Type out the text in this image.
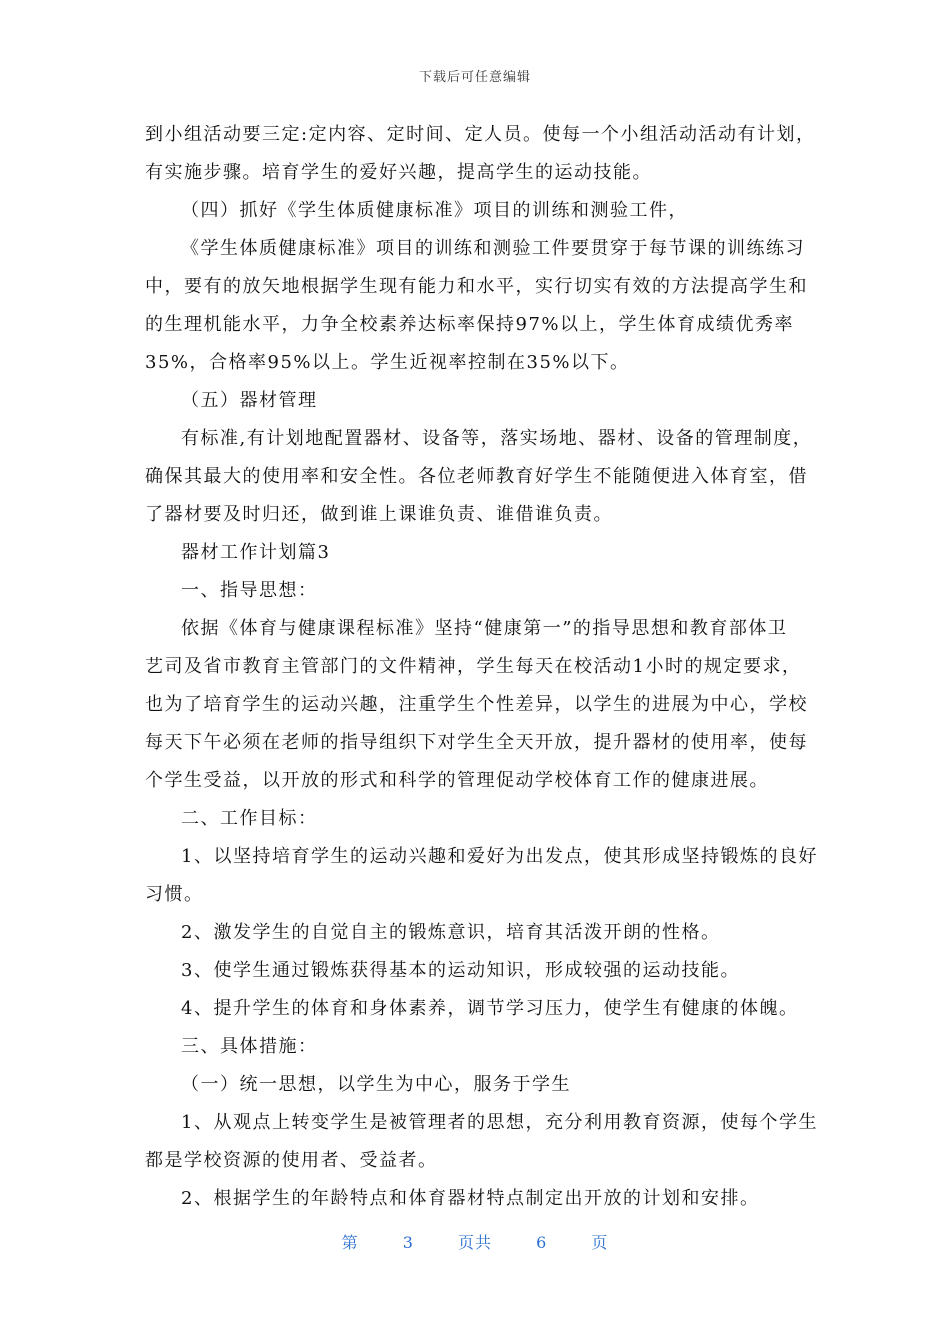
下载后可任意编辑

到小组活动要三定:定内容、定时间、定人员。使每一个小组活动活动有计划，
有实施步骤。培育学生的爱好兴趣，提高学生的运动技能。

（四）抓好《学生体质健康标准》项目的训练和测验工件，

《学生体质健康标准》项目的训练和测验工件要贯穿于每节课的训练练习

中，要有的放矢地根据学生现有能力和水平，实行切实有效的方法提高学生和
的生理机能水平，力争全校素养达标率保持97%以上，学生体育成绩优秀率
35%，合格率95%以上。学生近视率控制在35%以下。

（五）器材管理

有标准,有计划地配置器材、设备等，落实场地、器材、设备的管理制度，

确保其最大的使用率和安全性。各位老师教育好学生不能随便进入体育室，借
了器材要及时归还，做到谁上课谁负责、谁借谁负责。

器材工作计划篇3

一、指导思想：

依据《体育与健康课程标准》坚持“健康第一”的指导思想和教育部体卫

艺司及省市教育主管部门的文件精神，学生每天在校活动1小时的规定要求，
也为了培育学生的运动兴趣，注重学生个性差异，以学生的进展为中心，学校
每天下午必须在老师的指导组织下对学生全天开放，提升器材的使用率，使每
个学生受益，以开放的形式和科学的管理促动学校体育工作的健康进展。

二、工作目标：

1、以坚持培育学生的运动兴趣和爱好为出发点，使其形成坚持锻炼的良好

习惯。

2、激发学生的自觉自主的锻炼意识，培育其活泼开朗的性格。

3、使学生通过锻炼获得基本的运动知识，形成较强的运动技能。

4、提升学生的体育和身体素养，调节学习压力，使学生有健康的体魄。

三、具体措施：

（一）统一思想，以学生为中心，服务于学生

1、从观点上转变学生是被管理者的思想，充分利用教育资源，使每个学生

都是学校资源的使用者、受益者。

2、根据学生的年龄特点和体育器材特点制定出开放的计划和安排。

第	3	页共	6	页
